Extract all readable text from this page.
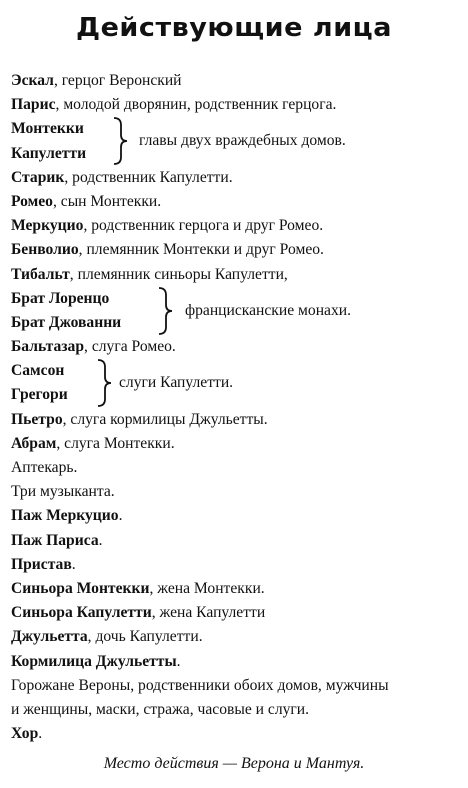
Действующие лица
Эскал, герцог Веронский
Парис, молодой дворянин, родственник герцога.
Монтекки
Капулетти
главы двух враждебных домов.
Старик, родственник Капулетти.
Ромео, сын Монтекки.
Меркуцио, родственник герцога и друг Ромео.
Бенволио, племянник Монтекки и друг Ромео.
Тибальт, племянник синьоры Капулетти,
Брат Лоренцо
Брат Джованни
францисканские монахи.
Бальтазар, слуга Ромео.
Самсон
Грегори
слуги Капулетти.
Пьетро, слуга кормилицы Джульетты.
Абрам, слуга Монтекки.
Аптекарь.
Три музыканта.
Паж Меркуцио.
Паж Париса.
Пристав.
Синьора Монтекки, жена Монтекки.
Синьора Капулетти, жена Капулетти
Джульетта, дочь Капулетти.
Кормилица Джульетты.
Горожане Вероны, родственники обоих домов, мужчины
и женщины, маски, стража, часовые и слуги.
Хор.
Место действия — Верона и Мантуя.
